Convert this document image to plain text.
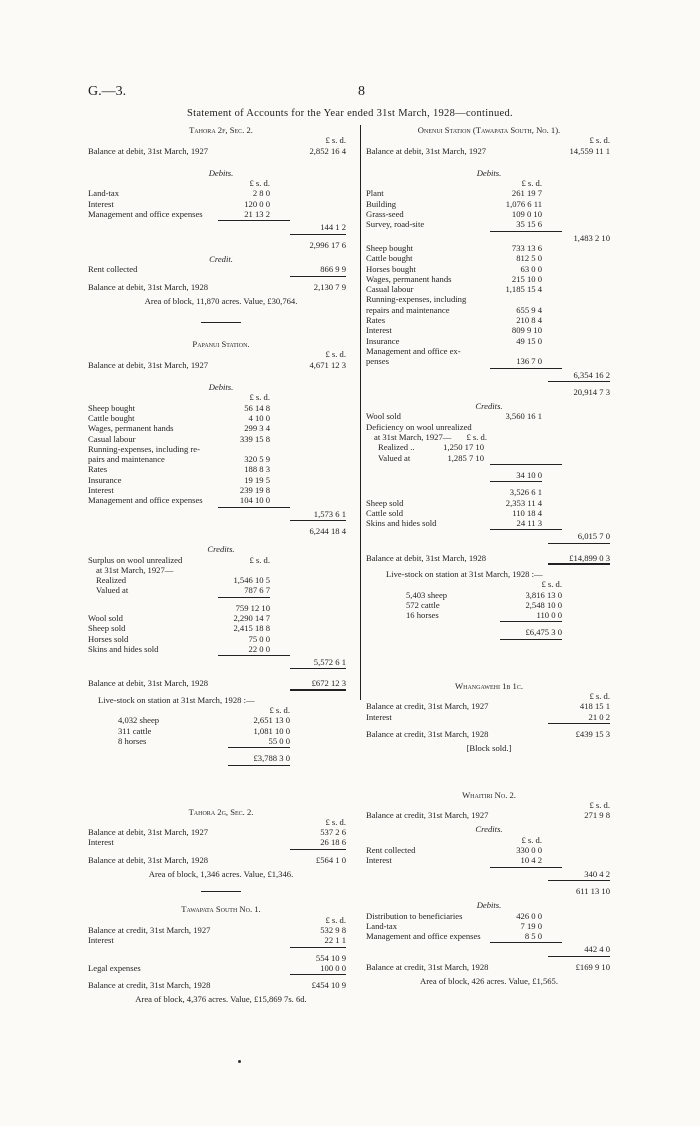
G.—3.	8
Statement of Accounts for the Year ended 31st March, 1928—continued.
Tahora 2f, Sec. 2.
£ s. d.
Balance at debit, 31st March, 1927	2,852 16 4
Debits.
£ s. d.
Land-tax	2 8 0
Interest	120 0 0
Management and office expenses	21 13 2
144 1 2
2,996 17 6
Credit.
Rent collected	866 9 9
Balance at debit, 31st March, 1928	2,130 7 9
Area of block, 11,870 acres. Value, £30,764.
Papanui Station.
£ s. d.
Balance at debit, 31st March, 1927	4,671 12 3
Debits.
£ s. d.
Sheep bought	56 14 8
Cattle bought	4 10 0
Wages, permanent hands	299 3 4
Casual labour	339 15 8
Running-expenses, including re-
pairs and maintenance	320 5 9
Rates	188 8 3
Insurance	19 19 5
Interest	239 19 8
Management and office expenses	104 10 0
1,573 6 1
6,244 18 4
Credits.
Surplus on wool unrealized	£ s. d.
at 31st March, 1927—
Realized	1,546 10 5
Valued at	787 6 7
759 12 10
Wool sold	2,290 14 7
Sheep sold	2,415 18 8
Horses sold	75 0 0
Skins and hides sold	22 0 0
5,572 6 1
Balance at debit, 31st March, 1928	£672 12 3
Live-stock on station at 31st March, 1928 :—
£ s. d.
4,032 sheep	2,651 13 0
311 cattle	1,081 10 0
8 horses	55 0 0
£3,788 3 0
Tahora 2g, Sec. 2.
£ s. d.
Balance at debit, 31st March, 1927	537 2 6
Interest	26 18 6
Balance at debit, 31st March, 1928	£564 1 0
Area of block, 1,346 acres. Value, £1,346.
Tawapata South No. 1.
£ s. d.
Balance at credit, 31st March, 1927	532 9 8
Interest	22 1 1
554 10 9
Legal expenses	100 0 0
Balance at credit, 31st March, 1928	£454 10 9
Area of block, 4,376 acres. Value, £15,869 7s. 6d.
Onenui Station (Tawapata South, No. 1).
£ s. d.
Balance at debit, 31st March, 1927	14,559 11 1
Debits.
£ s. d.
Plant	261 19 7
Building	1,076 6 11
Grass-seed	109 0 10
Survey, road-site	35 15 6
1,483 2 10
Sheep bought	733 13 6
Cattle bought	812 5 0
Horses bought	63 0 0
Wages, permanent hands	215 10 0
Casual labour	1,185 15 4
Running-expenses, including
repairs and maintenance	655 9 4
Rates	210 8 4
Interest	809 9 10
Insurance	49 15 0
Management and office ex-
penses	136 7 0
6,354 16 2
20,914 7 3
Credits.
Wool sold	3,560 16 1
Deficiency on wool unrealized
at 31st March, 1927—	£ s. d.
Realized ..	1,250 17 10
Valued at	1,285 7 10
34 10 0
3,526 6 1
Sheep sold	2,353 11 4
Cattle sold	110 18 4
Skins and hides sold	24 11 3
6,015 7 0
Balance at debit, 31st March, 1928	£14,899 0 3
Live-stock on station at 31st March, 1928 :—
£ s. d.
5,403 sheep	3,816 13 0
572 cattle	2,548 10 0
16 horses	110 0 0
£6,475 3 0
Whangawehi 1b 1c.
£ s. d.
Balance at credit, 31st March, 1927	418 15 1
Interest	21 0 2
Balance at credit, 31st March, 1928	£439 15 3
[Block sold.]
Whaitiri No. 2.
£ s. d.
Balance at credit, 31st March, 1927	271 9 8
Credits.
£ s. d.
Rent collected	330 0 0
Interest	10 4 2
340 4 2
611 13 10
Debits.
Distribution to beneficiaries	426 0 0
Land-tax	7 19 0
Management and office expenses	8 5 0
442 4 0
Balance at credit, 31st March, 1928	£169 9 10
Area of block, 426 acres. Value, £1,565.
